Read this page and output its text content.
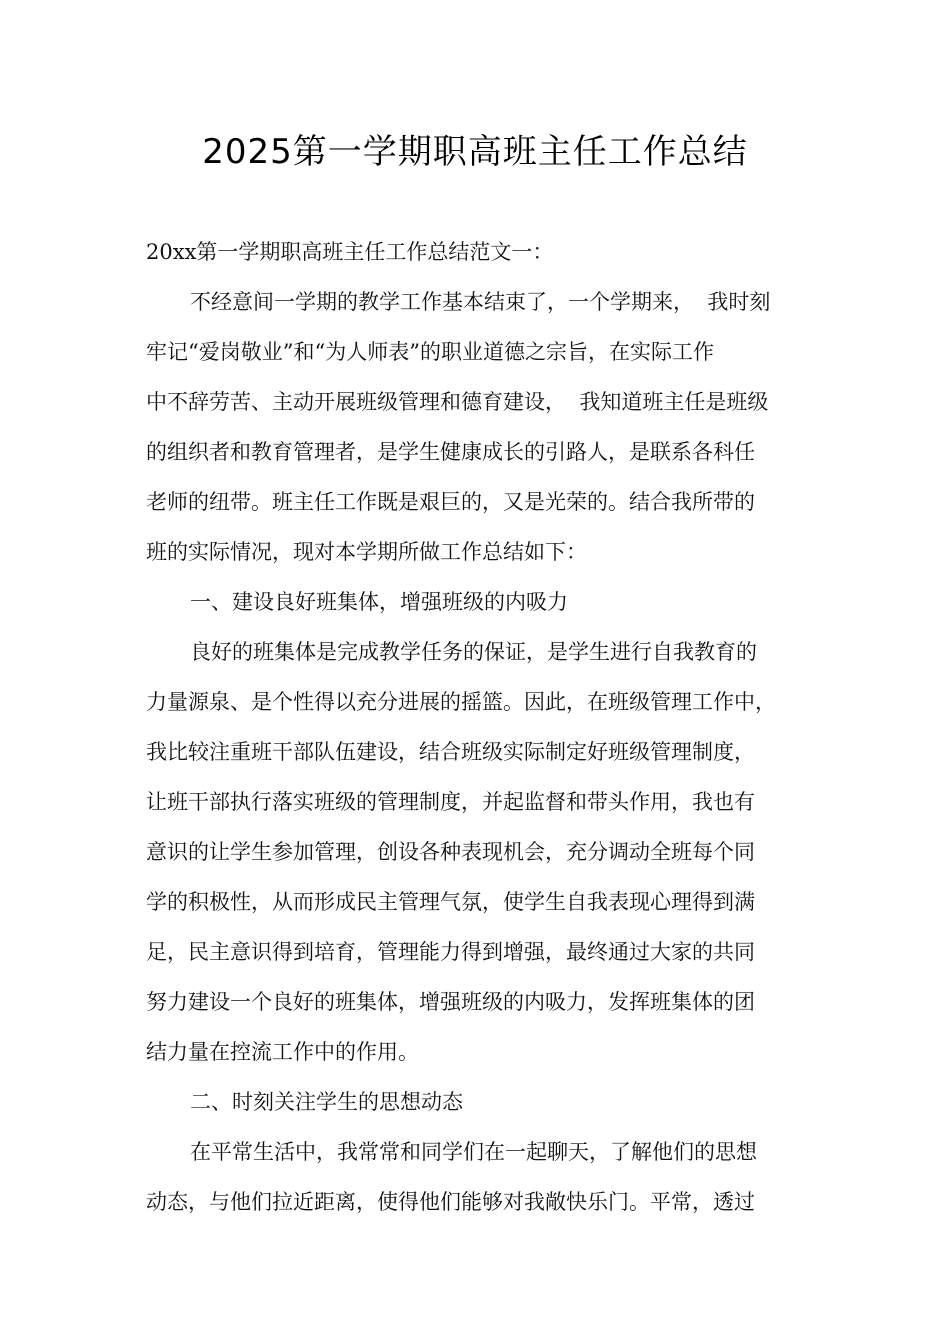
2025第一学期职高班主任工作总结
20xx第一学期职高班主任工作总结范文一：
不经意间一学期的教学工作基本结束了，一个学期来，  我时刻
牢记“爱岗敬业”和“为人师表”的职业道德之宗旨，在实际工作
中不辞劳苦、主动开展班级管理和德育建设，  我知道班主任是班级
的组织者和教育管理者，是学生健康成长的引路人，是联系各科任
老师的纽带。班主任工作既是艰巨的，又是光荣的。结合我所带的
班的实际情况，现对本学期所做工作总结如下：
一、建设良好班集体，增强班级的内吸力
良好的班集体是完成教学任务的保证，是学生进行自我教育的
力量源泉、是个性得以充分进展的摇篮。因此，在班级管理工作中，
我比较注重班干部队伍建设，结合班级实际制定好班级管理制度，
让班干部执行落实班级的管理制度，并起监督和带头作用，我也有
意识的让学生参加管理，创设各种表现机会，充分调动全班每个同
学的积极性，从而形成民主管理气氛，使学生自我表现心理得到满
足，民主意识得到培育，管理能力得到增强，最终通过大家的共同
努力建设一个良好的班集体，增强班级的内吸力，发挥班集体的团
结力量在控流工作中的作用。
二、时刻关注学生的思想动态
在平常生活中，我常常和同学们在一起聊天，了解他们的思想
动态，与他们拉近距离，使得他们能够对我敞快乐门。平常，透过
